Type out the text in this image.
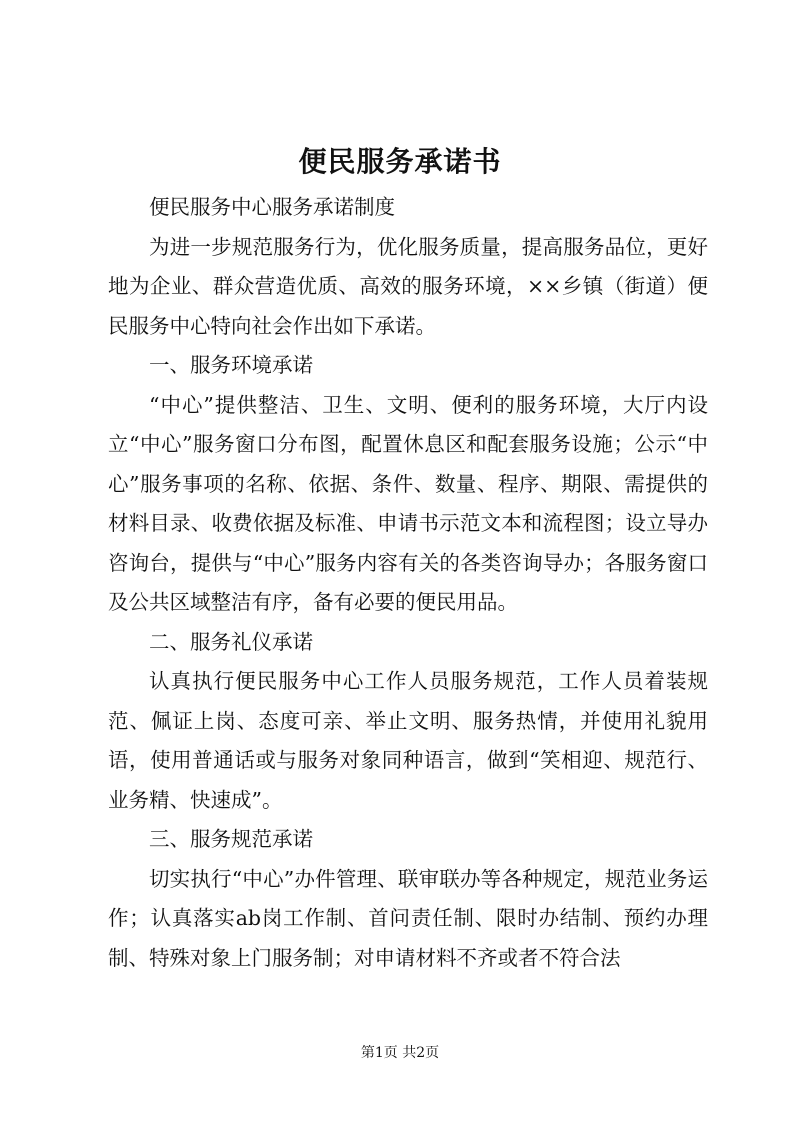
便民服务承诺书

便民服务中心服务承诺制度

为进一步规范服务行为，优化服务质量，提高服务品位，更好地为企业、群众营造优质、高效的服务环境，××乡镇（街道）便民服务中心特向社会作出如下承诺。

一、服务环境承诺

“中心”提供整洁、卫生、文明、便利的服务环境，大厅内设立“中心”服务窗口分布图，配置休息区和配套服务设施；公示“中心”服务事项的名称、依据、条件、数量、程序、期限、需提供的材料目录、收费依据及标准、申请书示范文本和流程图；设立导办咨询台，提供与“中心”服务内容有关的各类咨询导办；各服务窗口及公共区域整洁有序，备有必要的便民用品。

二、服务礼仪承诺

认真执行便民服务中心工作人员服务规范，工作人员着装规范、佩证上岗、态度可亲、举止文明、服务热情，并使用礼貌用语，使用普通话或与服务对象同种语言，做到“笑相迎、规范行、业务精、快速成”。

三、服务规范承诺

切实执行“中心”办件管理、联审联办等各种规定，规范业务运作；认真落实ab岗工作制、首问责任制、限时办结制、预约办理制、特殊对象上门服务制；对申请材料不齐或者不符合法

第1页 共2页
